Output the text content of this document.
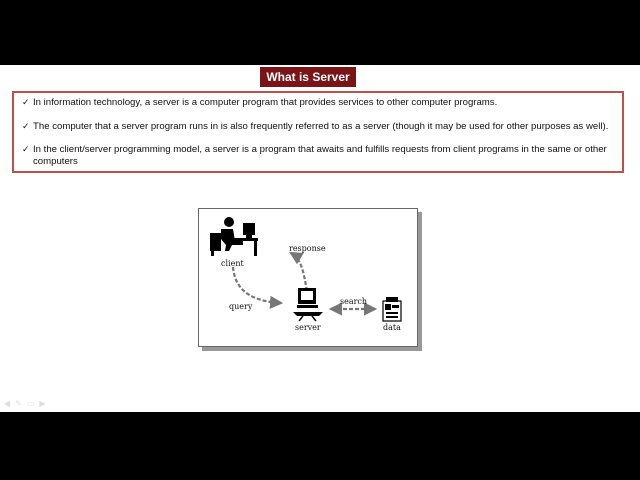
What is Server
✓ In information technology, a server is a computer program that provides services to other computer programs.
✓ The computer that a server program runs in is also frequently referred to as a server (though it may be used for other purposes as well).
✓ In the client/server programming model, a server is a program that awaits and fulfills requests from client programs in the same or other computers
client
response
query
server
search
data
◀ ✎ ▭ ▶
